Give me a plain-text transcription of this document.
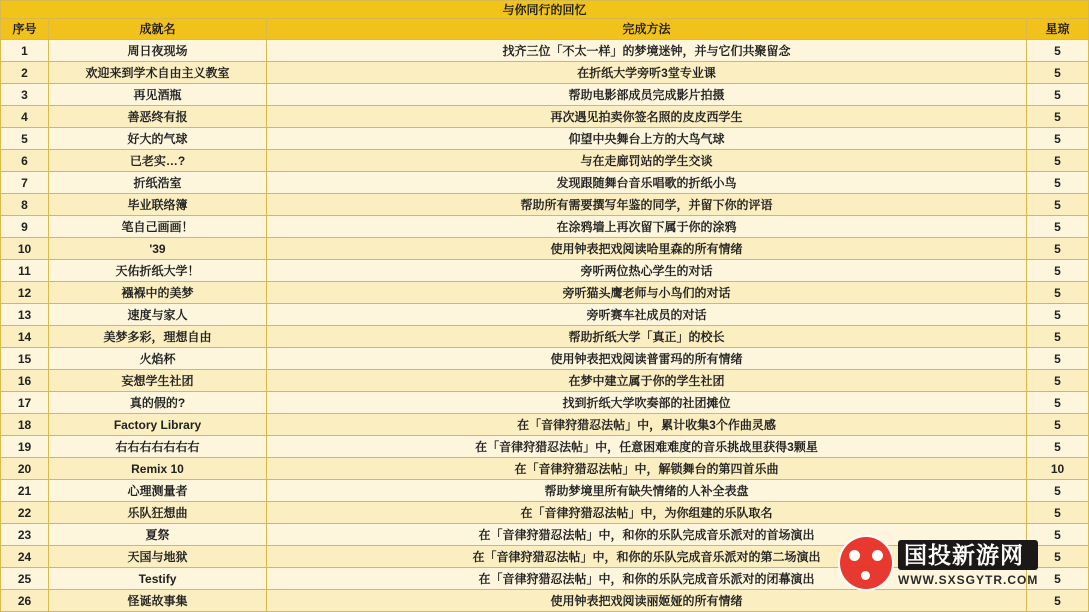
与你同行的回忆			
序号	成就名	完成方法	星琼
1	周日夜现场	找齐三位「不太一样」的梦境迷钟，并与它们共聚留念	5
2	欢迎来到学术自由主义教室	在折纸大学旁听3堂专业课	5
3	再见酒瓶	帮助电影部成员完成影片拍摄	5
4	善恶终有报	再次遇见拍卖你签名照的皮皮西学生	5
5	好大的气球	仰望中央舞台上方的大鸟气球	5
6	已老实…?	与在走廊罚站的学生交谈	5
7	折纸浩室	发现跟随舞台音乐唱歌的折纸小鸟	5
8	毕业联络簿	帮助所有需要撰写年鉴的同学，并留下你的评语	5
9	笔自己画画！	在涂鸦墙上再次留下属于你的涂鸦	5
10	'39	使用钟表把戏阅读哈里森的所有情绪	5
11	天佑折纸大学！	旁听两位热心学生的对话	5
12	襁褓中的美梦	旁听猫头鹰老师与小鸟们的对话	5
13	速度与家人	旁听赛车社成员的对话	5
14	美梦多彩，理想自由	帮助折纸大学「真正」的校长	5
15	火焰杯	使用钟表把戏阅读普雷玛的所有情绪	5
16	妄想学生社团	在梦中建立属于你的学生社团	5
17	真的假的?	找到折纸大学吹奏部的社团摊位	5
18	Factory Library	在「音律狩猎忍法帖」中，累计收集3个作曲灵感	5
19	右右右右右右右	在「音律狩猎忍法帖」中，任意困难难度的音乐挑战里获得3颗星	5
20	Remix 10	在「音律狩猎忍法帖」中，解锁舞台的第四首乐曲	10
21	心理测量者	帮助梦境里所有缺失情绪的人补全表盘	5
22	乐队狂想曲	在「音律狩猎忍法帖」中，为你组建的乐队取名	5
23	夏祭	在「音律狩猎忍法帖」中，和你的乐队完成音乐派对的首场演出	5
24	天国与地狱	在「音律狩猎忍法帖」中，和你的乐队完成音乐派对的第二场演出	5
25	Testify	在「音律狩猎忍法帖」中，和你的乐队完成音乐派对的闭幕演出	5
26	怪诞故事集	使用钟表把戏阅读丽姬娅的所有情绪	5
国投新游网
WWW.SXSGYTR.COM
